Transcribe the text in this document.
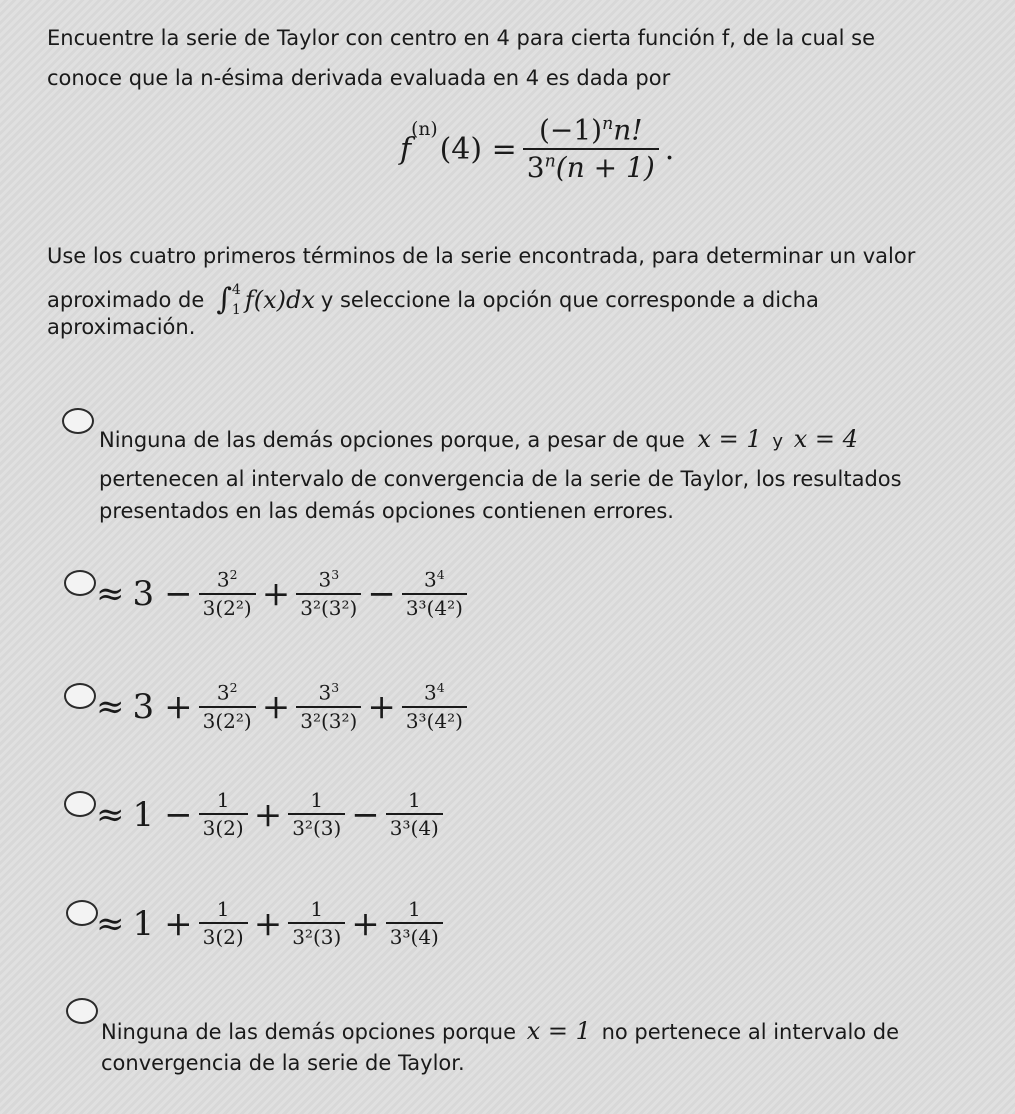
Encuentre la serie de Taylor con centro en 4 para cierta función f, de la cual se
conoce que la n-ésima derivada evaluada en 4 es dada por
f
$^{(n)}$
$(4) = \frac{(-1)^nn!}{3^n(n + 1)}$ .
Use los cuatro primeros términos de la serie encontrada, para determinar un valor
aproximado de ∫ 4
1 f(x)dx y seleccione la opción que corresponde a dicha
aproximación.
Ninguna de las demás opciones porque, a pesar de que x = 1 y x = 4
pertenecen al intervalo de convergencia de la serie de Taylor, los resultados
presentados en las demás opciones contienen errores.
≈ $3 - \frac{3^2}{\text{3(2²)}} + \frac{3^3}{\text{3²(3²)}} - \frac{3^4}{\text{3³(4²)}}$
≈ $3 + \frac{3^2}{\text{3(2²)}} + \frac{3^3}{\text{3²(3²)}} + \frac{3^4}{\text{3³(4²)}}$
≈ $1 - \frac{1}{3(2)} + \frac{1}{\text{3²(3)}} - \frac{1}{\text{3³(4)}}$
≈ $1 + \frac{1}{3(2)} + \frac{1}{\text{3²(3)}} + \frac{1}{\text{3³(4)}}$
Ninguna de las demás opciones porque x = 1 no pertenece al intervalo de
convergencia de la serie de Taylor.
